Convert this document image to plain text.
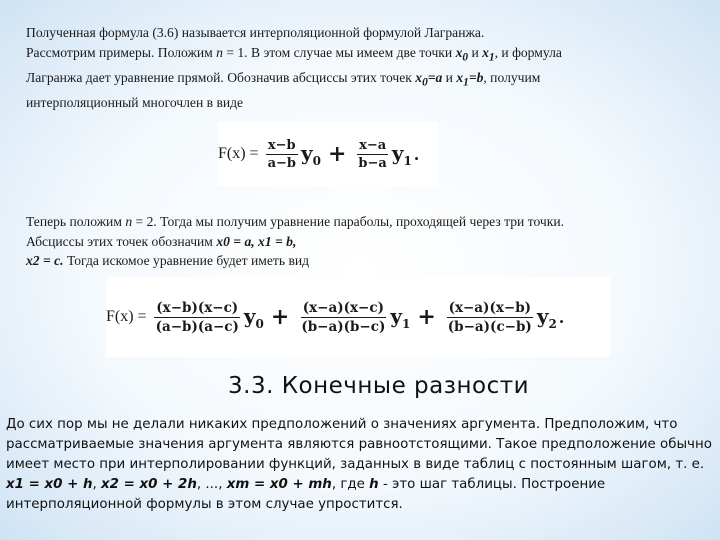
Полученная формула (3.6) называется интерполяционной формулой Лагранжа.
Рассмотрим примеры. Положим n = 1. В этом случае мы имеем две точки $x_0$ и $x_1$, и формула
Лагранжа дает уравнение прямой. Обозначив абсциссы этих точек $x_0=a$ и $x_1=b$, получим
интерполяционный многочлен в виде

$F(x) = \frac{x-b}{a-b} y_0 + \frac{x-a}{b-a} y_1$ .

Теперь положим n = 2. Тогда мы получим уравнение параболы, проходящей через три точки.
Абсциссы этих точек обозначим x0 = a, x1 = b,
x2 = c. Тогда искомое уравнение будет иметь вид

$F(x) = \frac{(x-b)(x-c)}{(a-b)(a-c)} y_0 + \frac{(x-a)(x-c)}{(b-a)(b-c)} y_1 + \frac{(x-a)(x-b)}{(b-a)(c-b)} y_2$ .
3.3. Конечные разности

До сих пор мы не делали никаких предположений о значениях аргумента. Предположим, что рассматриваемые значения аргумента являются равноотстоящими. Такое предположение обычно имеет место при интерполировании функций, заданных в виде таблиц с постоянным шагом, т. е. x1 = x0 + h, x2 = x0 + 2h, ..., xm = x0 + mh, где h - это шаг таблицы. Построение интерполяционной формулы в этом случае упростится.
